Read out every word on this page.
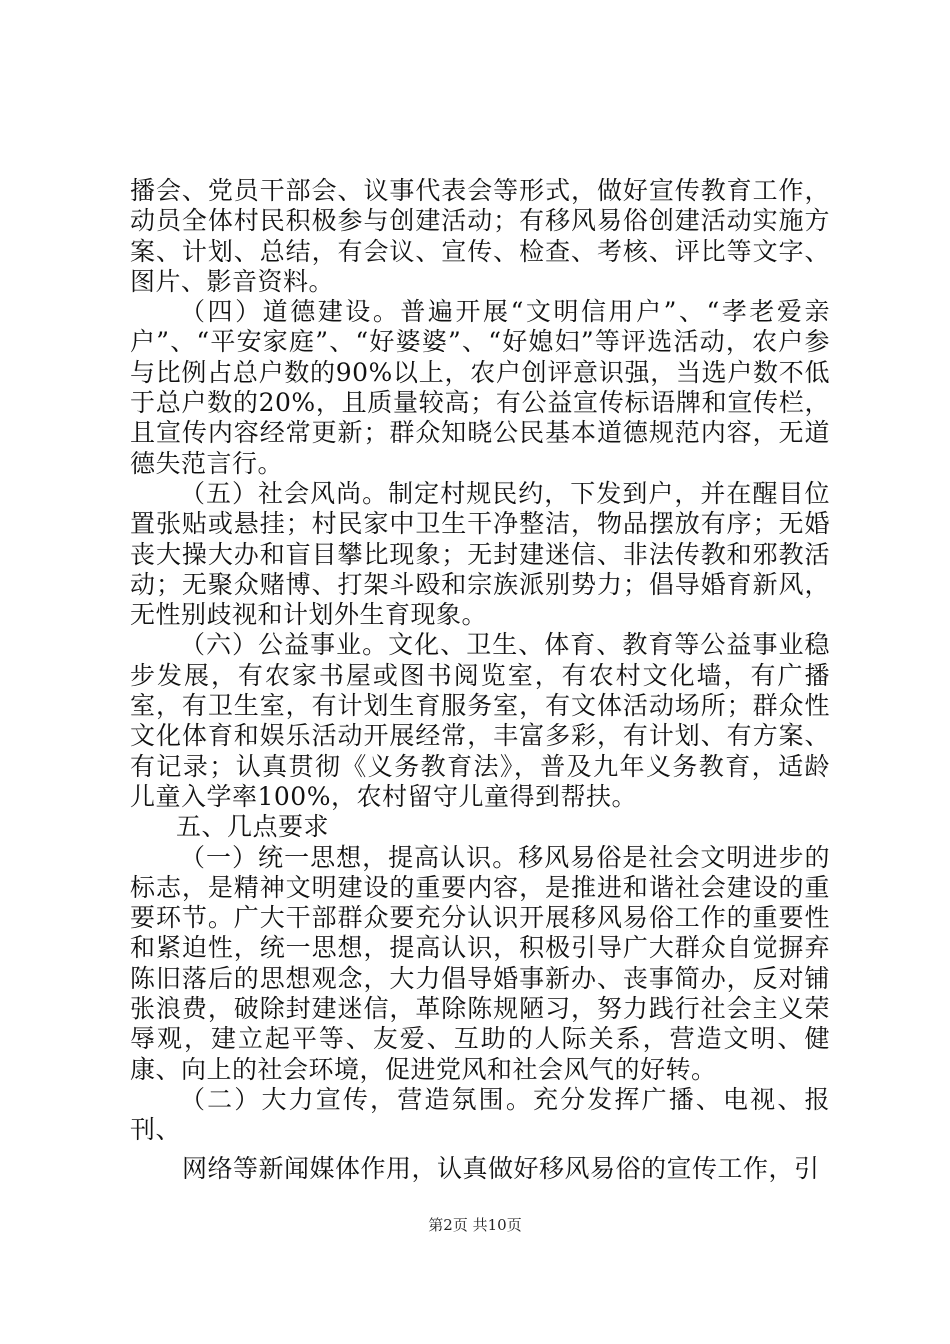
播会、党员干部会、议事代表会等形式，做好宣传教育工作，动员全体村民积极参与创建活动；有移风易俗创建活动实施方案、计划、总结，有会议、宣传、检查、考核、评比等文字、图片、影音资料。

（四）道德建设。普遍开展“文明信用户”、“孝老爱亲户”、“平安家庭”、“好婆婆”、“好媳妇”等评选活动，农户参与比例占总户数的90%以上，农户创评意识强，当选户数不低于总户数的20%，且质量较高；有公益宣传标语牌和宣传栏，且宣传内容经常更新；群众知晓公民基本道德规范内容，无道德失范言行。

（五）社会风尚。制定村规民约，下发到户，并在醒目位置张贴或悬挂；村民家中卫生干净整洁，物品摆放有序；无婚丧大操大办和盲目攀比现象；无封建迷信、非法传教和邪教活动；无聚众赌博、打架斗殴和宗族派别势力；倡导婚育新风，无性别歧视和计划外生育现象。

（六）公益事业。文化、卫生、体育、教育等公益事业稳步发展，有农家书屋或图书阅览室，有农村文化墙，有广播室，有卫生室，有计划生育服务室，有文体活动场所；群众性文化体育和娱乐活动开展经常，丰富多彩，有计划、有方案、有记录；认真贯彻《义务教育法》，普及九年义务教育，适龄儿童入学率100%，农村留守儿童得到帮扶。

五、几点要求

（一）统一思想，提高认识。移风易俗是社会文明进步的标志，是精神文明建设的重要内容，是推进和谐社会建设的重要环节。广大干部群众要充分认识开展移风易俗工作的重要性和紧迫性，统一思想，提高认识，积极引导广大群众自觉摒弃陈旧落后的思想观念，大力倡导婚事新办、丧事简办，反对铺张浪费，破除封建迷信，革除陈规陋习，努力践行社会主义荣辱观，建立起平等、友爱、互助的人际关系，营造文明、健康、向上的社会环境，促进党风和社会风气的好转。

（二）大力宣传，营造氛围。充分发挥广播、电视、报刊、

网络等新闻媒体作用，认真做好移风易俗的宣传工作，引

第2页 共10页
